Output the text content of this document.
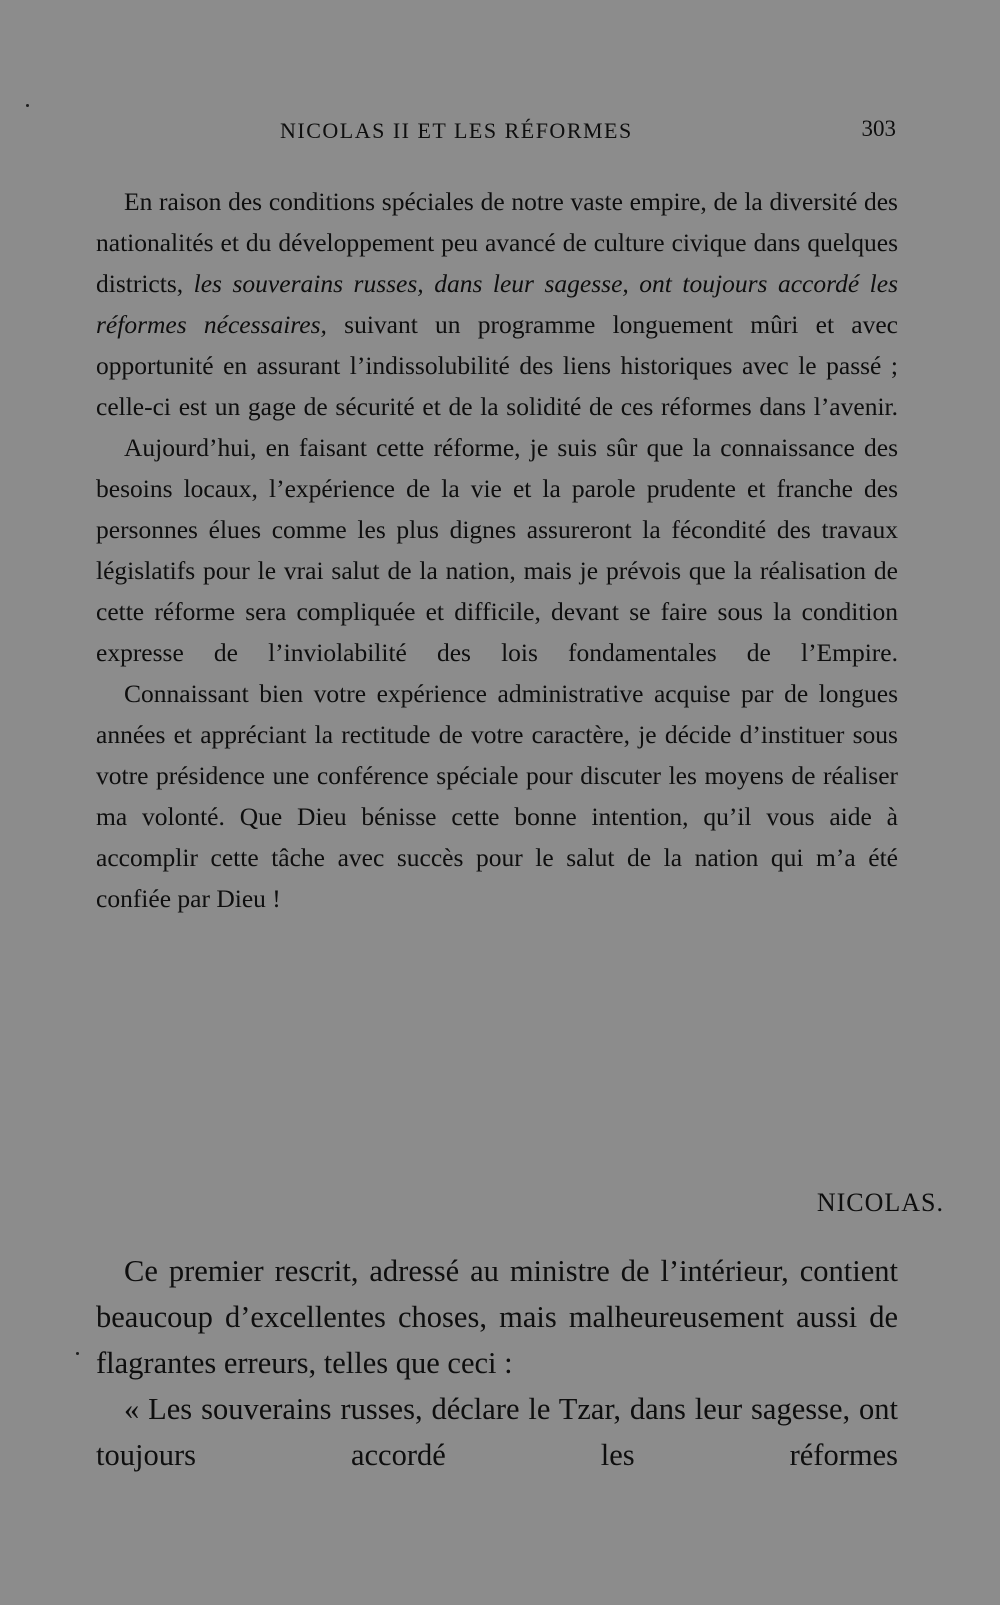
NICOLAS II ET LES RÉFORMES	303

En raison des conditions spéciales de notre vaste empire, de la diversité des nationalités et du développement peu avancé de culture civique dans quelques districts, les souverains russes, dans leur sagesse, ont toujours accordé les réformes nécessaires, suivant un programme longuement mûri et avec opportunité en assurant l’indissolubilité des liens historiques avec le passé ; celle-ci est un gage de sécurité et de la solidité de ces réformes dans l’avenir.

Aujourd’hui, en faisant cette réforme, je suis sûr que la connaissance des besoins locaux, l’expérience de la vie et la parole prudente et franche des personnes élues comme les plus dignes assureront la fécondité des travaux législatifs pour le vrai salut de la nation, mais je prévois que la réalisation de cette réforme sera compliquée et difficile, devant se faire sous la condition expresse de l’inviolabilité des lois fondamentales de l’Empire.

Connaissant bien votre expérience administrative acquise par de longues années et appréciant la rectitude de votre caractère, je décide d’instituer sous votre présidence une conférence spéciale pour discuter les moyens de réaliser ma volonté. Que Dieu bénisse cette bonne intention, qu’il vous aide à accomplir cette tâche avec succès pour le salut de la nation qui m’a été confiée par Dieu !

NICOLAS.

Ce premier rescrit, adressé au ministre de l’intérieur, contient beaucoup d’excellentes choses, mais malheureusement aussi de flagrantes erreurs, telles que ceci :

« Les souverains russes, déclare le Tzar, dans leur sagesse, ont toujours accordé les réformes
